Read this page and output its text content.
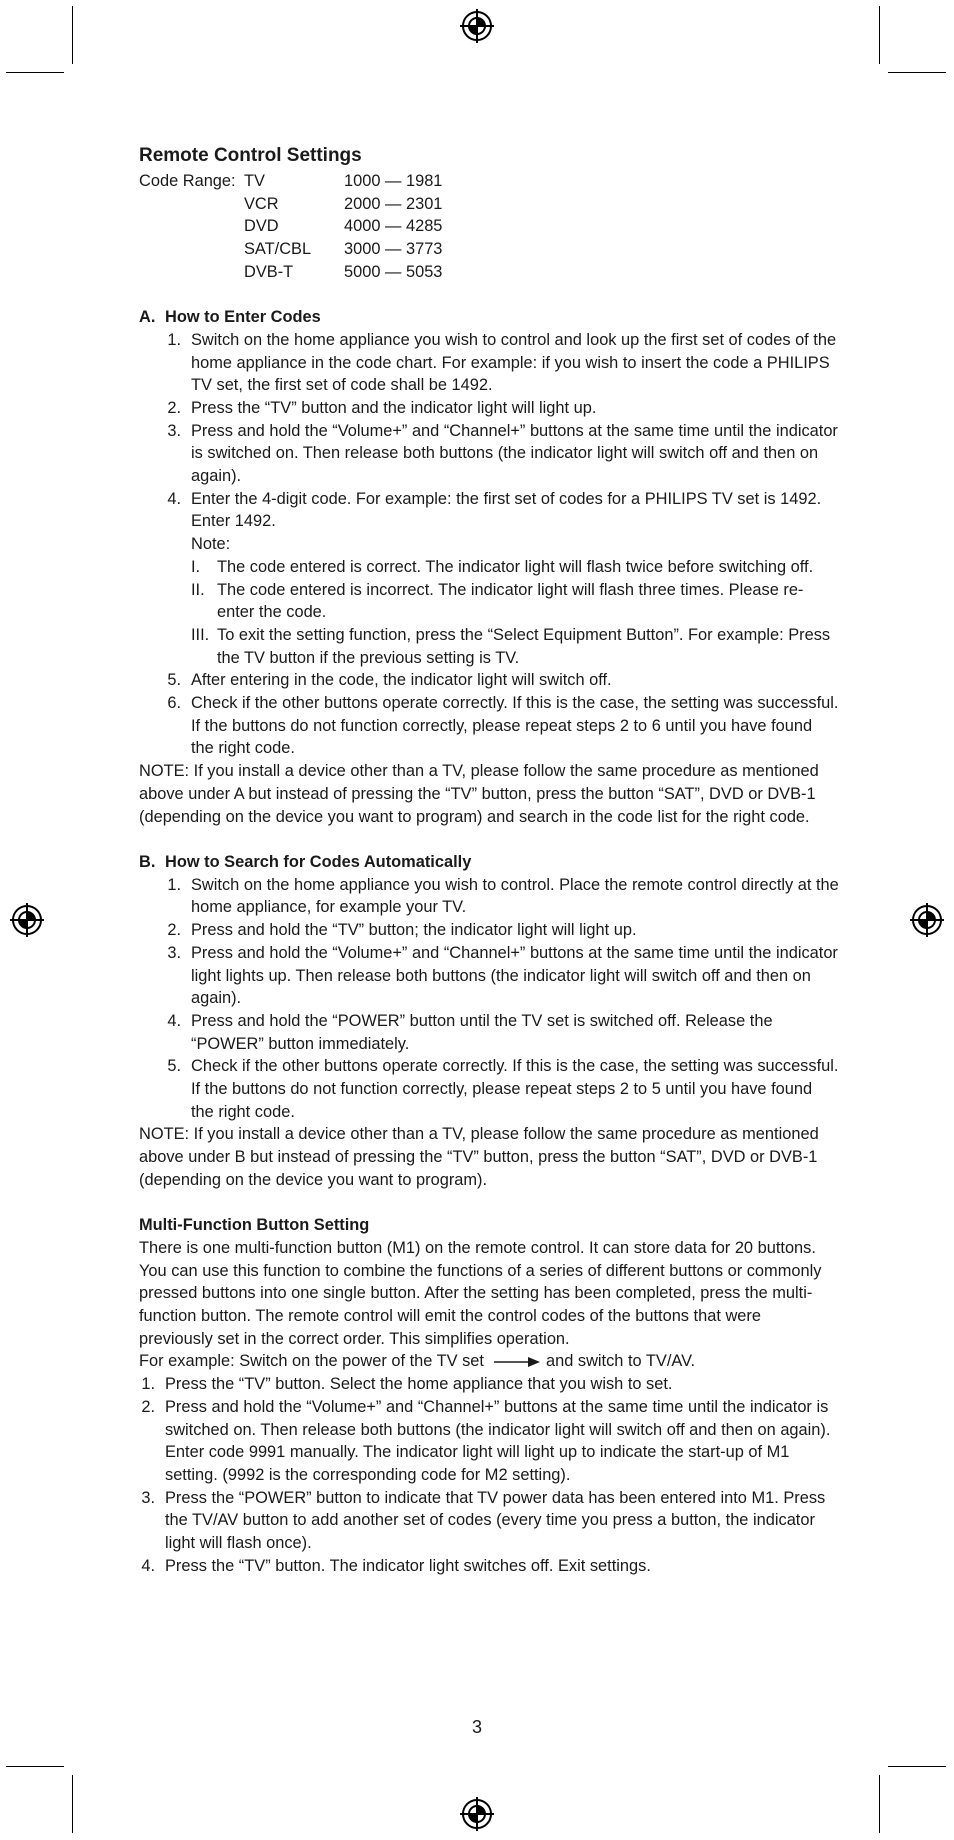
Remote Control Settings
Code Range: TV	1000 — 1981
VCR	2000 — 2301
DVD	4000 — 4285
SAT/CBL	3000 — 3773
DVB-T	5000 — 5053
A. How to Enter Codes
1. Switch on the home appliance you wish to control and look up the first set of codes of the home appliance in the code chart. For example: if you wish to insert the code a PHILIPS TV set, the first set of code shall be 1492.
2. Press the “TV” button and the indicator light will light up.
3. Press and hold the “Volume+” and “Channel+” buttons at the same time until the indicator is switched on. Then release both buttons (the indicator light will switch off and then on again).
4. Enter the 4-digit code. For example: the first set of codes for a PHILIPS TV set is 1492. Enter 1492.
Note:
I.	The code entered is correct. The indicator light will flash twice before switching off.
II. The code entered is incorrect. The indicator light will flash three times. Please re-enter the code.
III. To exit the setting function, press the “Select Equipment Button”. For example: Press the TV button if the previous setting is TV.
5. After entering in the code, the indicator light will switch off.
6. Check if the other buttons operate correctly. If this is the case, the setting was successful. If the buttons do not function correctly, please repeat steps 2 to 6 until you have found the right code.

NOTE: If you install a device other than a TV, please follow the same procedure as mentioned above under A but instead of pressing the “TV” button, press the button “SAT”, DVD or DVB-1 (depending on the device you want to program) and search in the code list for the right code.

B. How to Search for Codes Automatically
1. Switch on the home appliance you wish to control. Place the remote control directly at the home appliance, for example your TV.
2. Press and hold the “TV” button; the indicator light will light up.
3. Press and hold the “Volume+” and “Channel+” buttons at the same time until the indicator light lights up. Then release both buttons (the indicator light will switch off and then on again).
4. Press and hold the “POWER” button until the TV set is switched off. Release the “POWER” button immediately.
5. Check if the other buttons operate correctly. If this is the case, the setting was successful. If the buttons do not function correctly, please repeat steps 2 to 5 until you have found the right code.

NOTE: If you install a device other than a TV, please follow the same procedure as mentioned above under B but instead of pressing the “TV” button, press the button “SAT”, DVD or DVB-1 (depending on the device you want to program).

Multi-Function Button Setting

There is one multi-function button (M1) on the remote control. It can store data for 20 buttons. You can use this function to combine the functions of a series of different buttons or commonly pressed buttons into one single button. After the setting has been completed, press the multi-function button. The remote control will emit the control codes of the buttons that were previously set in the correct order. This simplifies operation.

For example: Switch on the power of the TV set	and switch to TV/AV.
1. Press the “TV” button. Select the home appliance that you wish to set.
2. Press and hold the “Volume+” and “Channel+” buttons at the same time until the indicator is switched on. Then release both buttons (the indicator light will switch off and then on again).
Enter code 9991 manually. The indicator light will light up to indicate the start-up of M1 setting. (9992 is the corresponding code for M2 setting).
3. Press the “POWER” button to indicate that TV power data has been entered into M1. Press the TV/AV button to add another set of codes (every time you press a button, the indicator light will flash once).
4. Press the “TV” button. The indicator light switches off. Exit settings.
3
